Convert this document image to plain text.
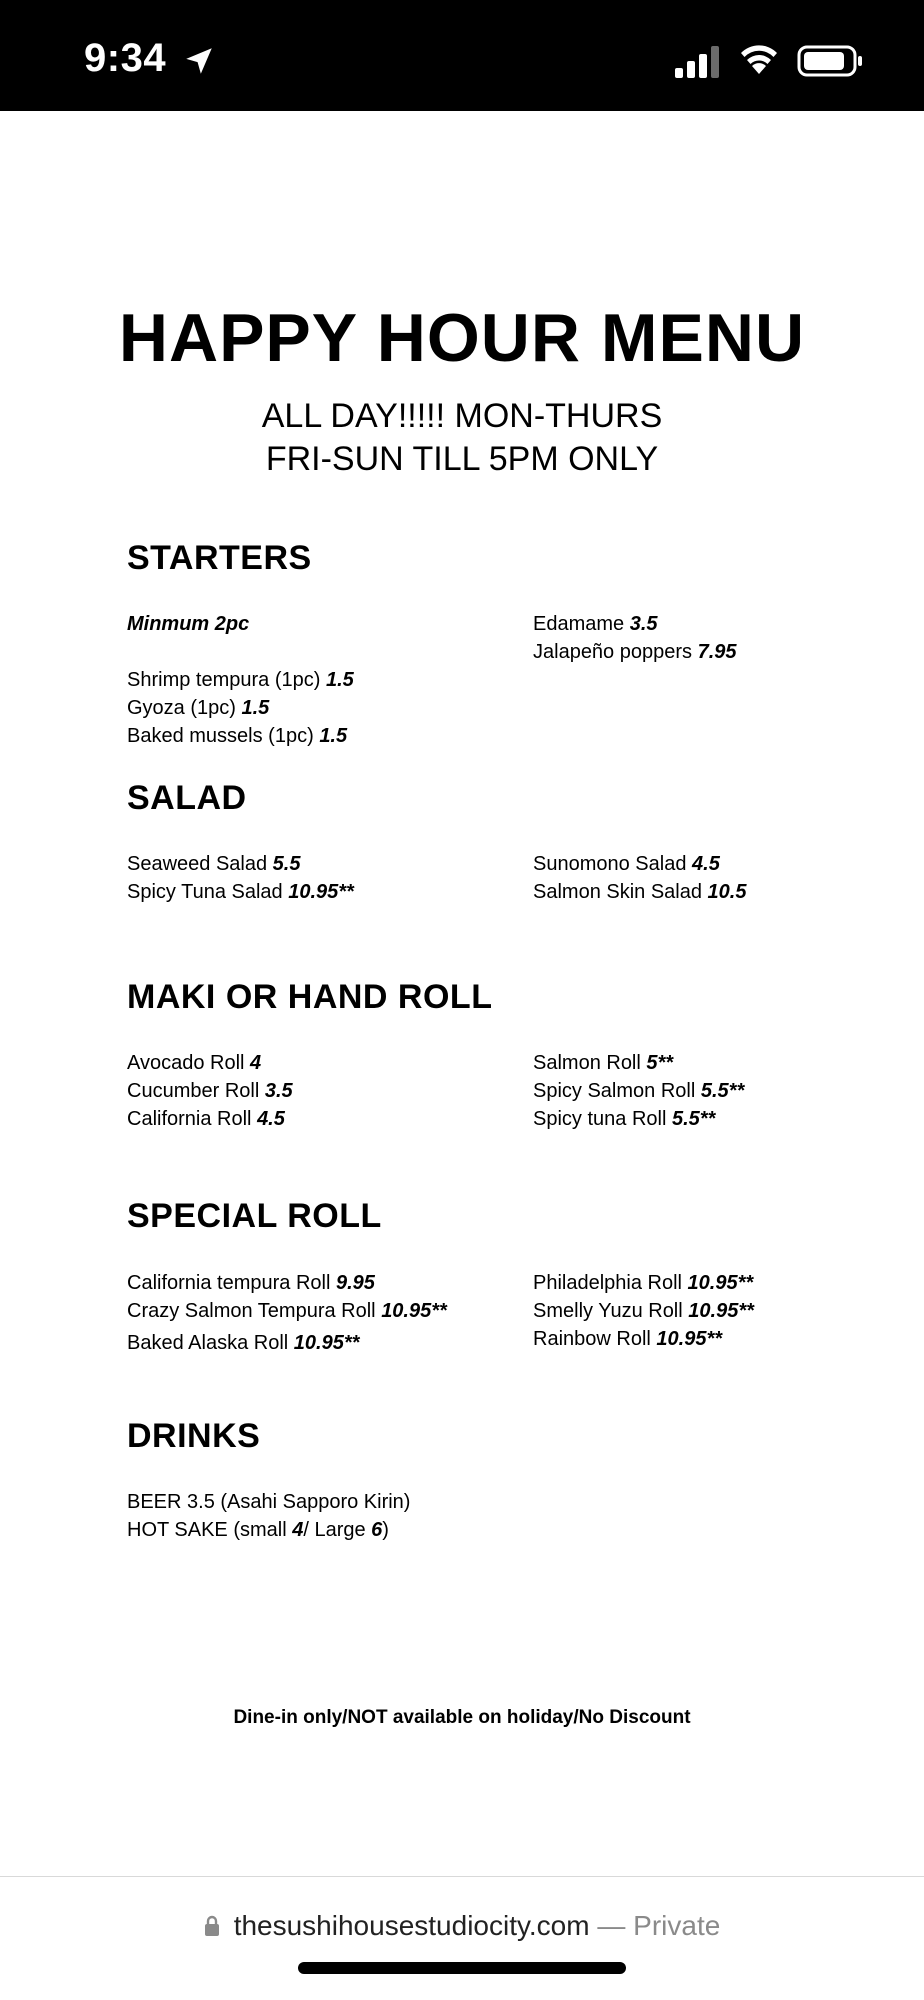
9:34
HAPPY HOUR MENU
ALL DAY!!!!! MON-THURS
FRI-SUN TILL 5PM ONLY
STARTERS
Minmum 2pc
Shrimp tempura (1pc) 1.5
Gyoza (1pc) 1.5
Baked mussels (1pc) 1.5
Edamame 3.5
Jalapeño poppers 7.95
SALAD
Seaweed Salad 5.5
Spicy Tuna Salad 10.95**
Sunomono Salad 4.5
Salmon Skin Salad 10.5
MAKI OR HAND ROLL
Avocado Roll 4
Cucumber Roll 3.5
California Roll 4.5
Salmon Roll 5**
Spicy Salmon Roll 5.5**
Spicy tuna Roll 5.5**
SPECIAL ROLL
California tempura Roll 9.95
Crazy Salmon Tempura Roll 10.95**
Baked Alaska Roll 10.95**
Philadelphia Roll 10.95**
Smelly Yuzu Roll 10.95**
Rainbow Roll 10.95**
DRINKS
BEER 3.5 (Asahi Sapporo Kirin)
HOT SAKE (small 4/ Large 6)
Dine-in only/NOT available on holiday/No Discount
thesushihousestudiocity.com — Private
